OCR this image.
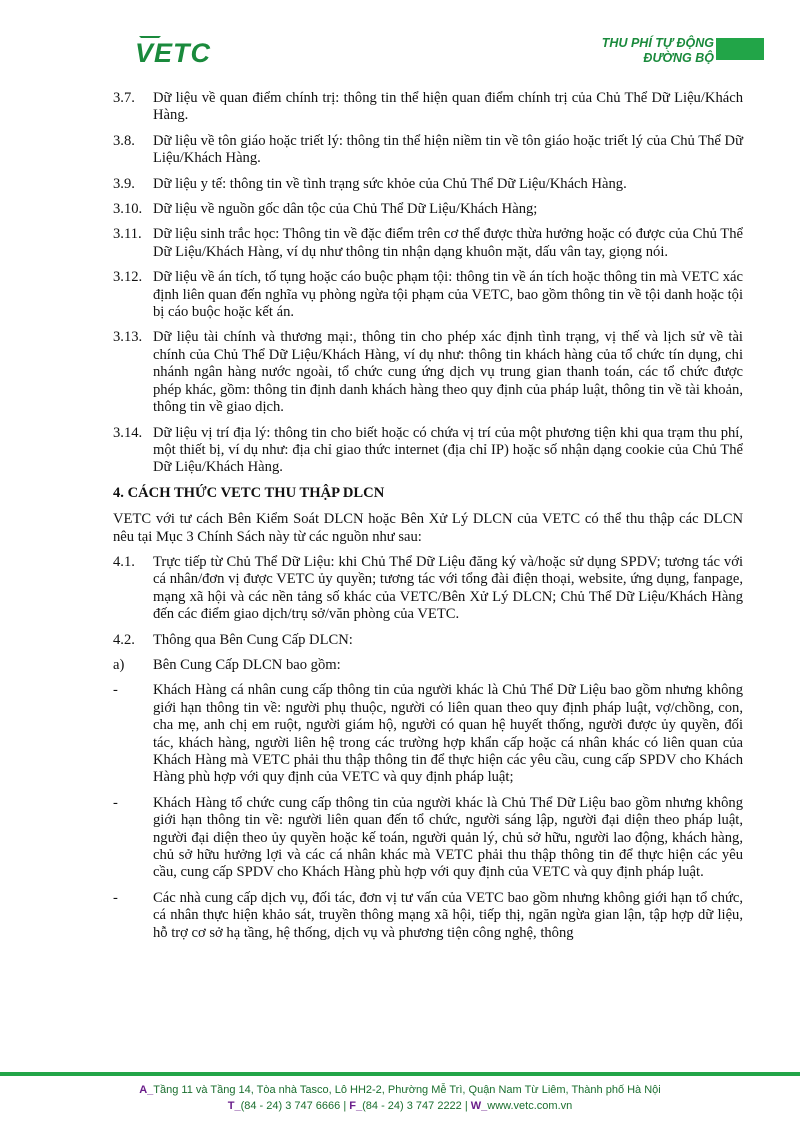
VETC	THU PHÍ TỰ ĐỘNG
ĐƯỜNG BỘ
3.7.	Dữ liệu về quan điểm chính trị: thông tin thể hiện quan điểm chính trị của Chủ Thể Dữ Liệu/Khách Hàng.
3.8.	Dữ liệu về tôn giáo hoặc triết lý: thông tin thể hiện niềm tin về tôn giáo hoặc triết lý của Chủ Thể Dữ Liệu/Khách Hàng.
3.9.	Dữ liệu y tế: thông tin về tình trạng sức khỏe của Chủ Thể Dữ Liệu/Khách Hàng.
3.10. Dữ liệu về nguồn gốc dân tộc của Chủ Thể Dữ Liệu/Khách Hàng;
3.11. Dữ liệu sinh trắc học: Thông tin về đặc điểm trên cơ thể được thừa hưởng hoặc có được của Chủ Thể Dữ Liệu/Khách Hàng, ví dụ như thông tin nhận dạng khuôn mặt, dấu vân tay, giọng nói.
3.12. Dữ liệu về án tích, tố tụng hoặc cáo buộc phạm tội: thông tin về án tích hoặc thông tin mà VETC xác định liên quan đến nghĩa vụ phòng ngừa tội phạm của VETC, bao gồm thông tin về tội danh hoặc tội bị cáo buộc hoặc kết án.
3.13. Dữ liệu tài chính và thương mại:, thông tin cho phép xác định tình trạng, vị thế và lịch sử về tài chính của Chủ Thể Dữ Liệu/Khách Hàng, ví dụ như: thông tin khách hàng của tổ chức tín dụng, chi nhánh ngân hàng nước ngoài, tổ chức cung ứng dịch vụ trung gian thanh toán, các tổ chức được phép khác, gồm: thông tin định danh khách hàng theo quy định của pháp luật, thông tin về tài khoản, thông tin về giao dịch.
3.14. Dữ liệu vị trí địa lý: thông tin cho biết hoặc có chứa vị trí của một phương tiện khi qua trạm thu phí, một thiết bị, ví dụ như: địa chỉ giao thức internet (địa chỉ IP) hoặc số nhận dạng cookie của Chủ Thể Dữ Liệu/Khách Hàng.
4. CÁCH THỨC VETC THU THẬP DLCN
VETC với tư cách Bên Kiểm Soát DLCN hoặc Bên Xử Lý DLCN của VETC có thể thu thập các DLCN nêu tại Mục 3 Chính Sách này từ các nguồn như sau:
4.1.	Trực tiếp từ Chủ Thể Dữ Liệu: khi Chủ Thể Dữ Liệu đăng ký và/hoặc sử dụng SPDV; tương tác với cá nhân/đơn vị được VETC ủy quyền; tương tác với tổng đài điện thoại, website, ứng dụng, fanpage, mạng xã hội và các nền tảng số khác của VETC/Bên Xử Lý DLCN; Chủ Thể Dữ Liệu/Khách Hàng đến các điểm giao dịch/trụ sở/văn phòng của VETC.
4.2.	Thông qua Bên Cung Cấp DLCN:
a)	Bên Cung Cấp DLCN bao gồm:
-	Khách Hàng cá nhân cung cấp thông tin của người khác là Chủ Thể Dữ Liệu bao gồm nhưng không giới hạn thông tin về: người phụ thuộc, người có liên quan theo quy định pháp luật, vợ/chồng, con, cha mẹ, anh chị em ruột, người giám hộ, người có quan hệ huyết thống, người được ủy quyền, đối tác, khách hàng, người liên hệ trong các trường hợp khẩn cấp hoặc cá nhân khác có liên quan của Khách Hàng mà VETC phải thu thập thông tin để thực hiện các yêu cầu, cung cấp SPDV cho Khách Hàng phù hợp với quy định của VETC và quy định pháp luật;
-	Khách Hàng tổ chức cung cấp thông tin của người khác là Chủ Thể Dữ Liệu bao gồm nhưng không giới hạn thông tin về: người liên quan đến tổ chức, người sáng lập, người đại diện theo pháp luật, người đại diện theo ủy quyền hoặc kế toán, người quản lý, chủ sở hữu, người lao động, khách hàng, chủ sở hữu hưởng lợi và các cá nhân khác mà VETC phải thu thập thông tin để thực hiện các yêu cầu, cung cấp SPDV cho Khách Hàng phù hợp với quy định của VETC và quy định pháp luật.
-	Các nhà cung cấp dịch vụ, đối tác, đơn vị tư vấn của VETC bao gồm nhưng không giới hạn tổ chức, cá nhân thực hiện khảo sát, truyền thông mạng xã hội, tiếp thị, ngăn ngừa gian lận, tập hợp dữ liệu, hỗ trợ cơ sở hạ tầng, hệ thống, dịch vụ và phương tiện công nghệ, thông
A_Tầng 11 và Tầng 14, Tòa nhà Tasco, Lô HH2-2, Phường Mễ Trì, Quận Nam Từ Liêm, Thành phố Hà Nội
T_(84 - 24) 3 747 6666 | F_(84 - 24) 3 747 2222 | W_www.vetc.com.vn
